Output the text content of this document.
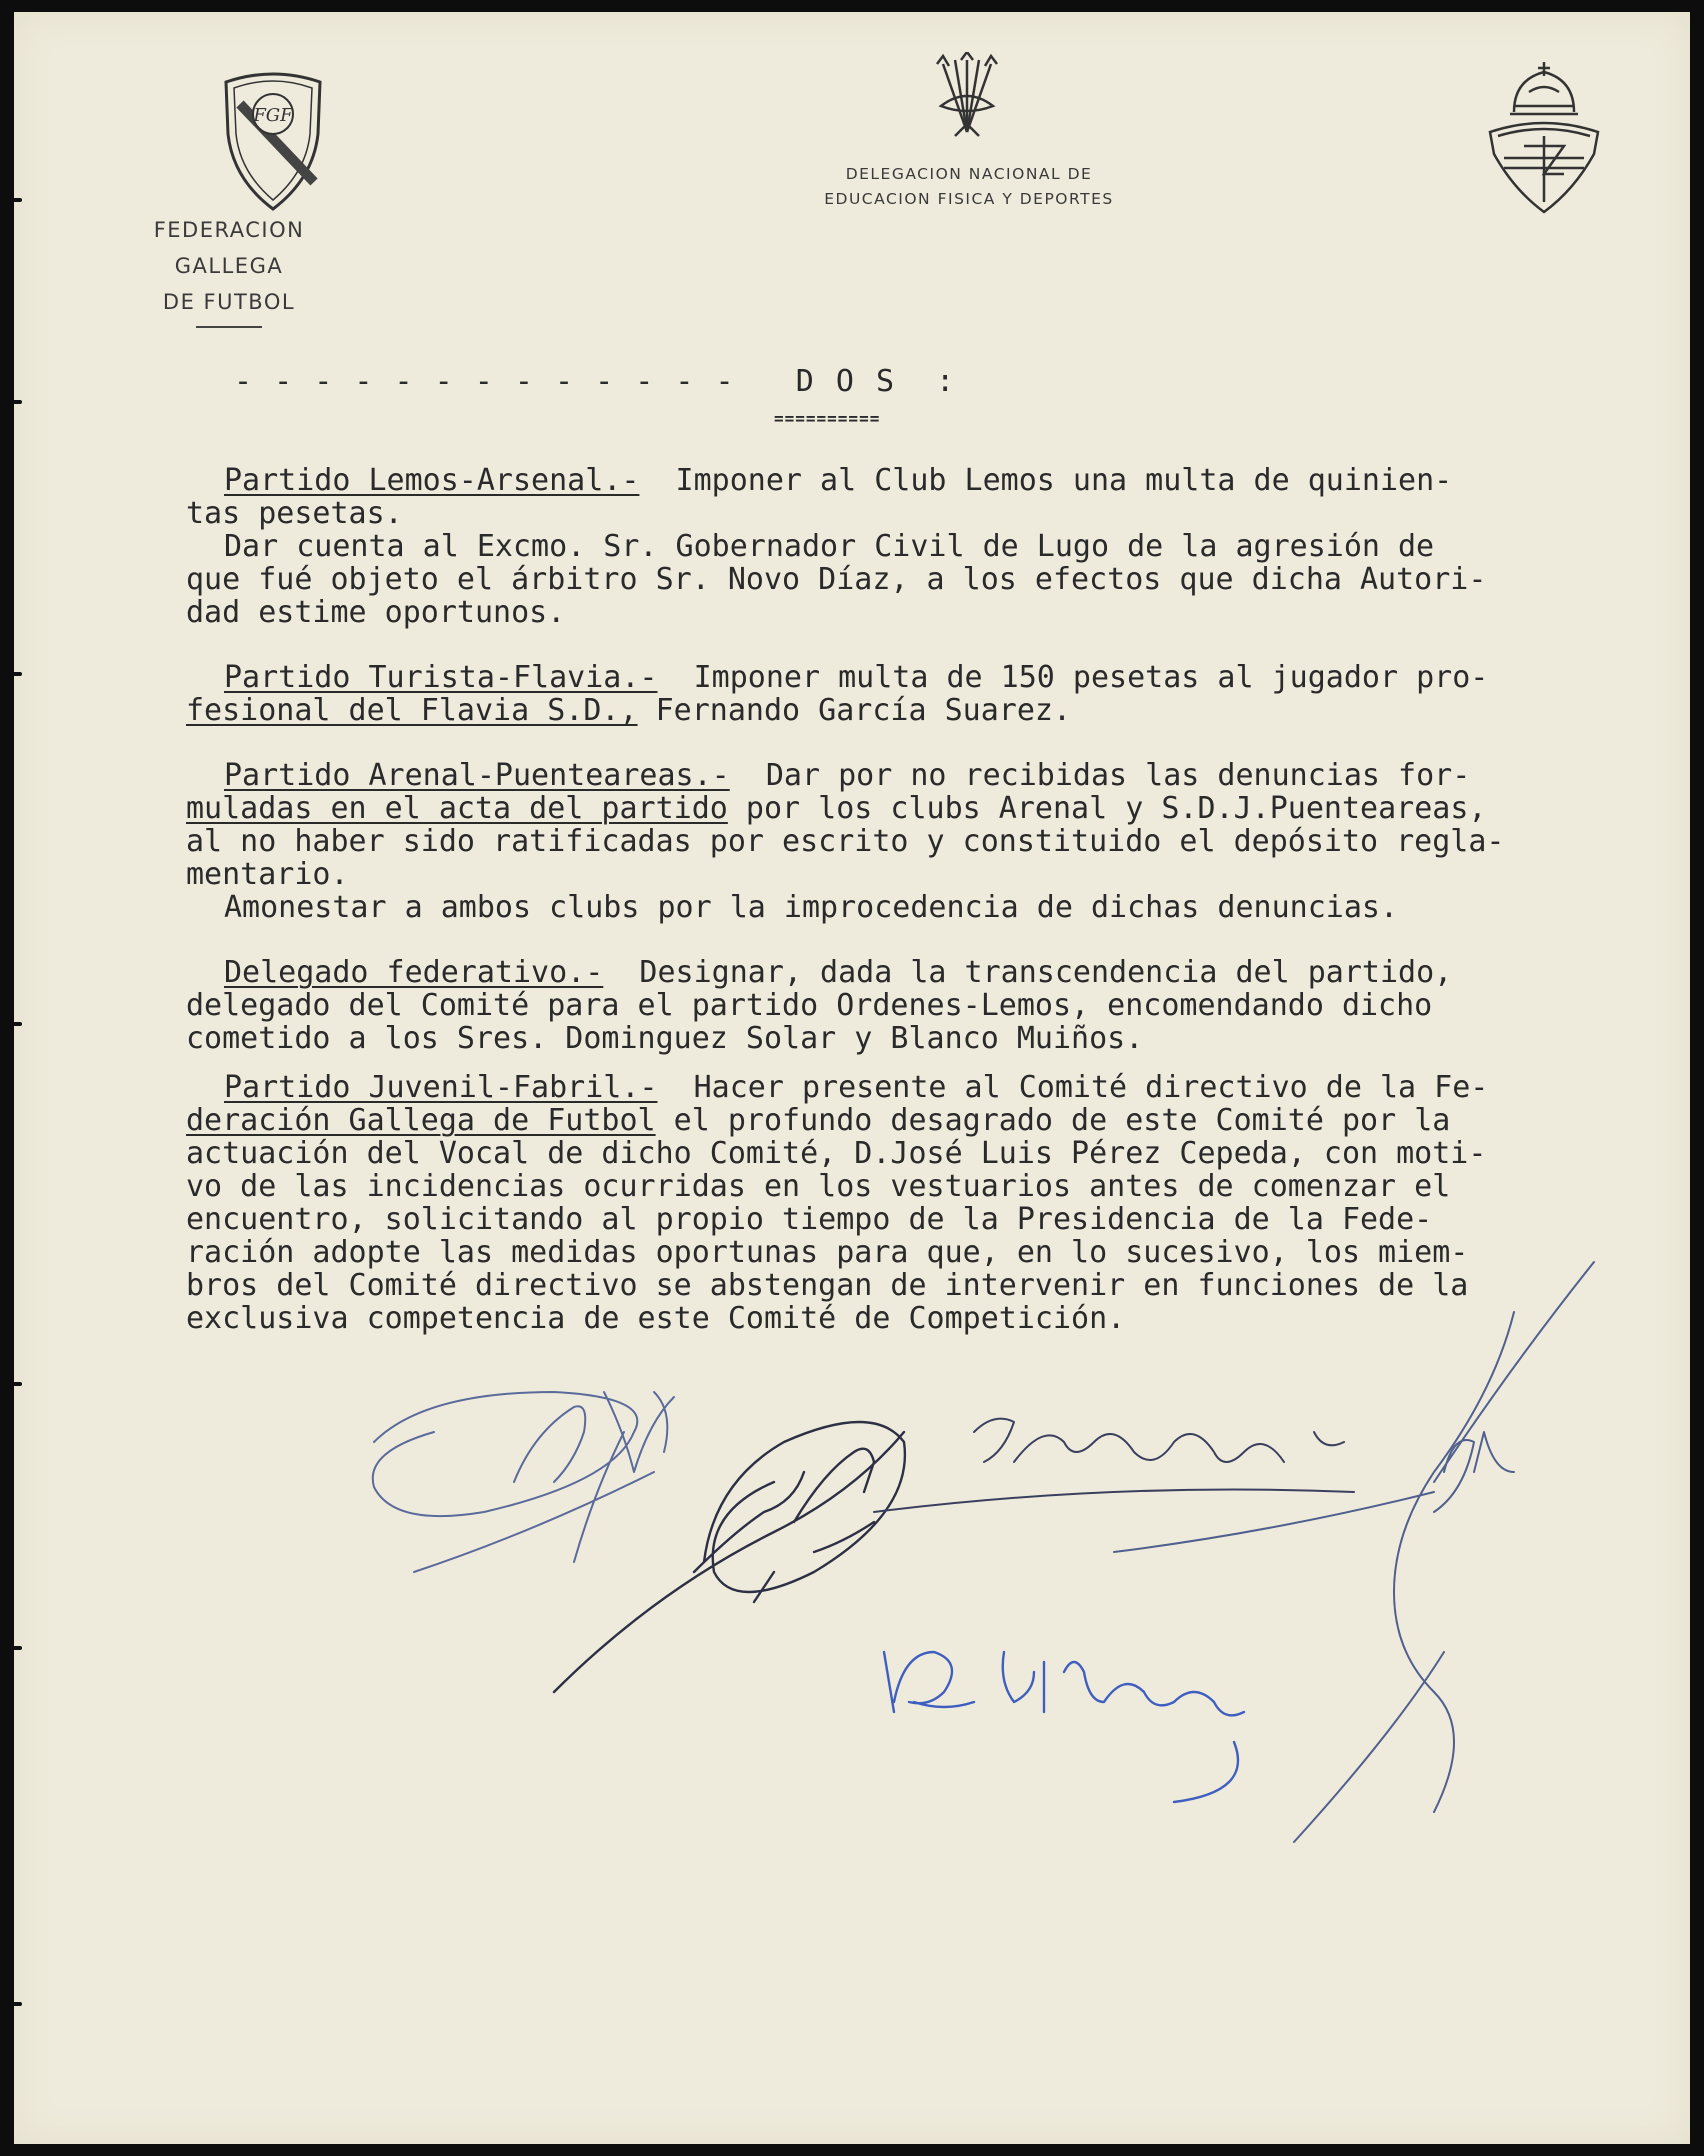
FGF
FEDERACION GALLEGA
DE FUTBOL
DELEGACION NACIONAL DE
EDUCACION FISICA Y DEPORTES
- - - - - - - - - - - - -   D O S  :
==========
Partido Lemos-Arsenal.-  Imponer al Club Lemos una multa de quinien-
tas pesetas.
Dar cuenta al Excmo. Sr. Gobernador Civil de Lugo de la agresión de
que fué objeto el árbitro Sr. Novo Díaz, a los efectos que dicha Autori-
dad estime oportunos.
Partido Turista-Flavia.-  Imponer multa de 150 pesetas al jugador pro-
fesional del Flavia S.D., Fernando García Suarez.
Partido Arenal-Puenteareas.-  Dar por no recibidas las denuncias for-
muladas en el acta del partido por los clubs Arenal y S.D.J.Puenteareas,
al no haber sido ratificadas por escrito y constituido el depósito regla-
mentario.
Amonestar a ambos clubs por la improcedencia de dichas denuncias.
Delegado federativo.-  Designar, dada la transcendencia del partido,
delegado del Comité para el partido Ordenes-Lemos, encomendando dicho
cometido a los Sres. Dominguez Solar y Blanco Muiños.
Partido Juvenil-Fabril.-  Hacer presente al Comité directivo de la Fe-
deración Gallega de Futbol el profundo desagrado de este Comité por la
actuación del Vocal de dicho Comité, D.José Luis Pérez Cepeda, con moti-
vo de las incidencias ocurridas en los vestuarios antes de comenzar el
encuentro, solicitando al propio tiempo de la Presidencia de la Fede-
ración adopte las medidas oportunas para que, en lo sucesivo, los miem-
bros del Comité directivo se abstengan de intervenir en funciones de la
exclusiva competencia de este Comité de Competición.
